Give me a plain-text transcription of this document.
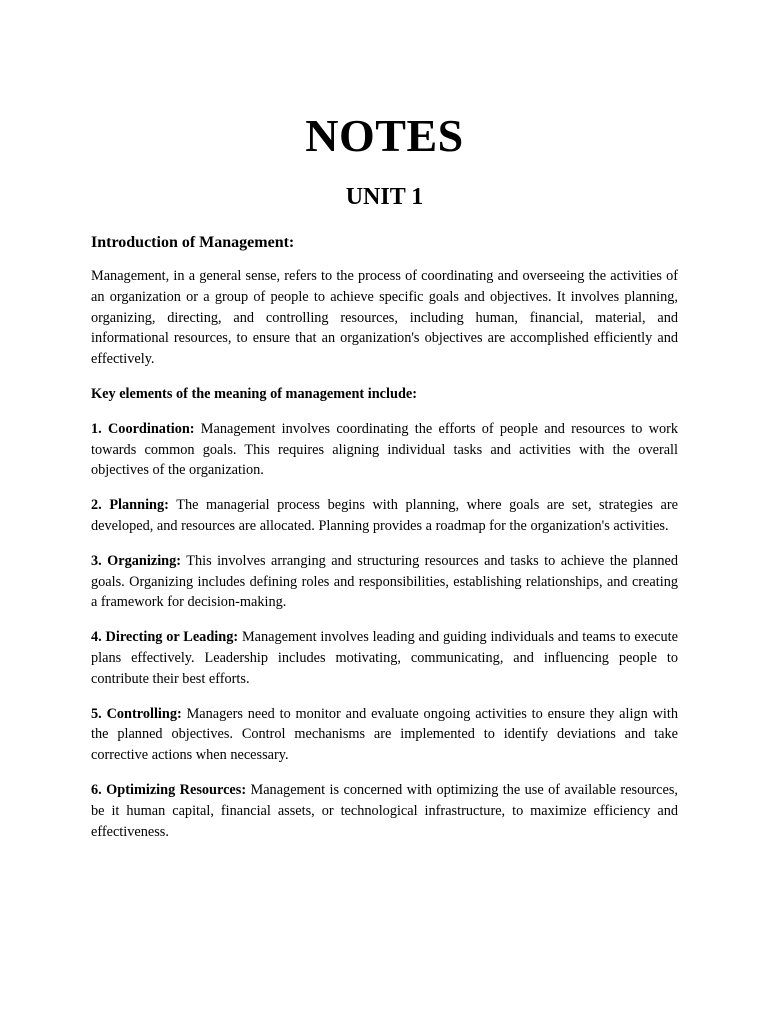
NOTES
UNIT 1
Introduction of Management:

Management, in a general sense, refers to the process of coordinating and overseeing the activities of an organization or a group of people to achieve specific goals and objectives. It involves planning, organizing, directing, and controlling resources, including human, financial, material, and informational resources, to ensure that an organization's objectives are accomplished efficiently and effectively.

Key elements of the meaning of management include:

1. Coordination: Management involves coordinating the efforts of people and resources to work towards common goals. This requires aligning individual tasks and activities with the overall objectives of the organization.

2. Planning: The managerial process begins with planning, where goals are set, strategies are developed, and resources are allocated. Planning provides a roadmap for the organization's activities.

3. Organizing: This involves arranging and structuring resources and tasks to achieve the planned goals. Organizing includes defining roles and responsibilities, establishing relationships, and creating a framework for decision-making.

4. Directing or Leading: Management involves leading and guiding individuals and teams to execute plans effectively. Leadership includes motivating, communicating, and influencing people to contribute their best efforts.

5. Controlling: Managers need to monitor and evaluate ongoing activities to ensure they align with the planned objectives. Control mechanisms are implemented to identify deviations and take corrective actions when necessary.

6. Optimizing Resources: Management is concerned with optimizing the use of available resources, be it human capital, financial assets, or technological infrastructure, to maximize efficiency and effectiveness.
